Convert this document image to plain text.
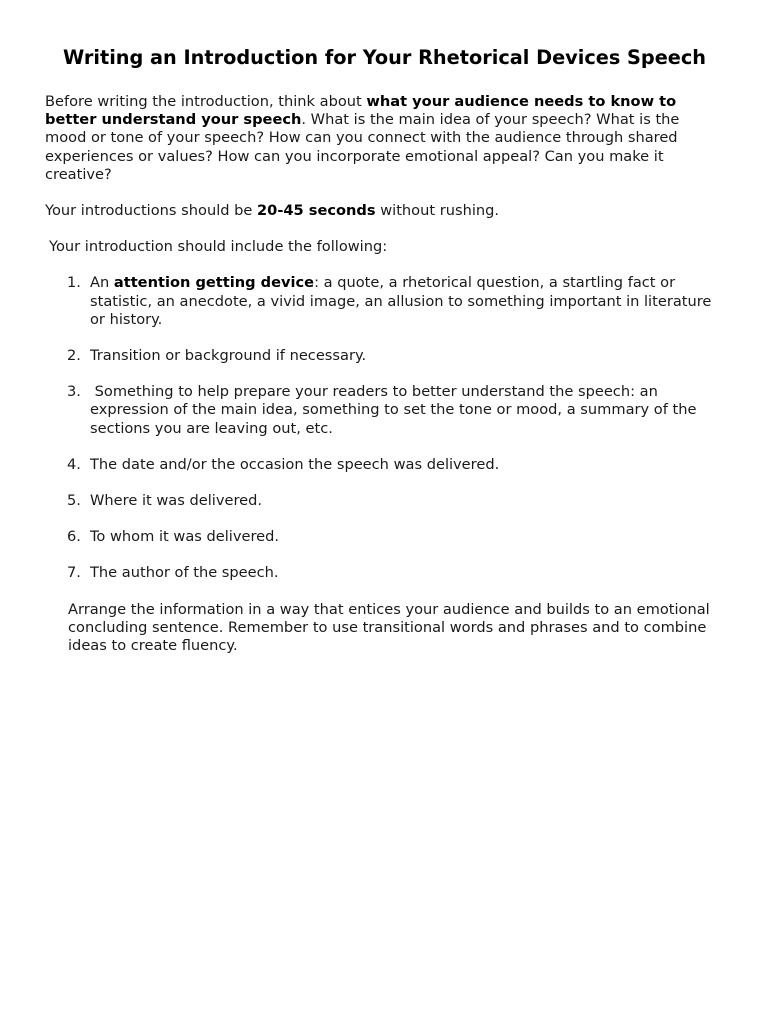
Writing an Introduction for Your Rhetorical Devices Speech

Before writing the introduction, think about what your audience needs to know to better understand your speech. What is the main idea of your speech? What is the mood or tone of your speech? How can you connect with the audience through shared experiences or values? How can you incorporate emotional appeal? Can you make it creative?

Your introductions should be 20-45 seconds without rushing.

Your introduction should include the following:

1. An attention getting device: a quote, a rhetorical question, a startling fact or statistic, an anecdote, a vivid image, an allusion to something important in literature or history.
2. Transition or background if necessary.
3. Something to help prepare your readers to better understand the speech: an expression of the main idea, something to set the tone or mood, a summary of the sections you are leaving out, etc.
4. The date and/or the occasion the speech was delivered.
5. Where it was delivered.
6. To whom it was delivered.
7. The author of the speech.

Arrange the information in a way that entices your audience and builds to an emotional concluding sentence. Remember to use transitional words and phrases and to combine ideas to create fluency.
